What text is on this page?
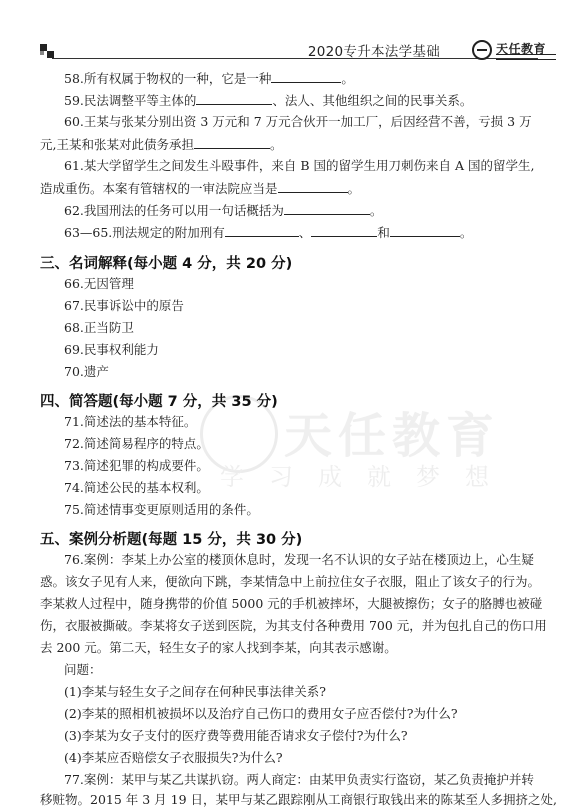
2020专升本法学基础	天任教育
天任教育
学习成就梦想
58.所有权属于物权的一种，它是一种	。
59.民法调整平等主体的	、法人、其他组织之间的民事关系。
60.王某与张某分别出资 3 万元和 7 万元合伙开一加工厂，后因经营不善，亏损 3 万
元,王某和张某对此债务承担	。
61.某大学留学生之间发生斗殴事件，来自 B 国的留学生用刀刺伤来自 A 国的留学生,
造成重伤。本案有管辖权的一审法院应当是	。
62.我国刑法的任务可以用一句话概括为	。
63—65.刑法规定的附加刑有	、	和	。
三、名词解释(每小题 4 分，共 20 分)
66.无因管理
67.民事诉讼中的原告
68.正当防卫
69.民事权利能力
70.遗产
四、简答题(每小题 7 分，共 35 分)
71.简述法的基本特征。
72.简述简易程序的特点。
73.简述犯罪的构成要件。
74.简述公民的基本权利。
75.简述情事变更原则适用的条件。
五、案例分析题(每题 15 分，共 30 分)
76.案例：李某上办公室的楼顶休息时，发现一名不认识的女子站在楼顶边上，心生疑
惑。该女子见有人来，便欲向下跳，李某情急中上前拉住女子衣服，阻止了该女子的行为。
李某救人过程中，随身携带的价值 5000 元的手机被摔坏，大腿被擦伤；女子的胳膊也被碰
伤，衣服被撕破。李某将女子送到医院，为其支付各种费用 700 元，并为包扎自己的伤口用
去 200 元。第二天，轻生女子的家人找到李某，向其表示感谢。
问题：
(1)李某与轻生女子之间存在何种民事法律关系?
(2)李某的照相机被损坏以及治疗自己伤口的费用女子应否偿付?为什么?
(3)李某为女子支付的医疗费等费用能否请求女子偿付?为什么?
(4)李某应否赔偿女子衣服损失?为什么?
77.案例：某甲与某乙共谋扒窃。两人商定：由某甲负责实行盗窃，某乙负责掩护并转
移赃物。2015 年 3 月 19 日，某甲与某乙跟踪刚从工商银行取钱出来的陈某至人多拥挤之处,
